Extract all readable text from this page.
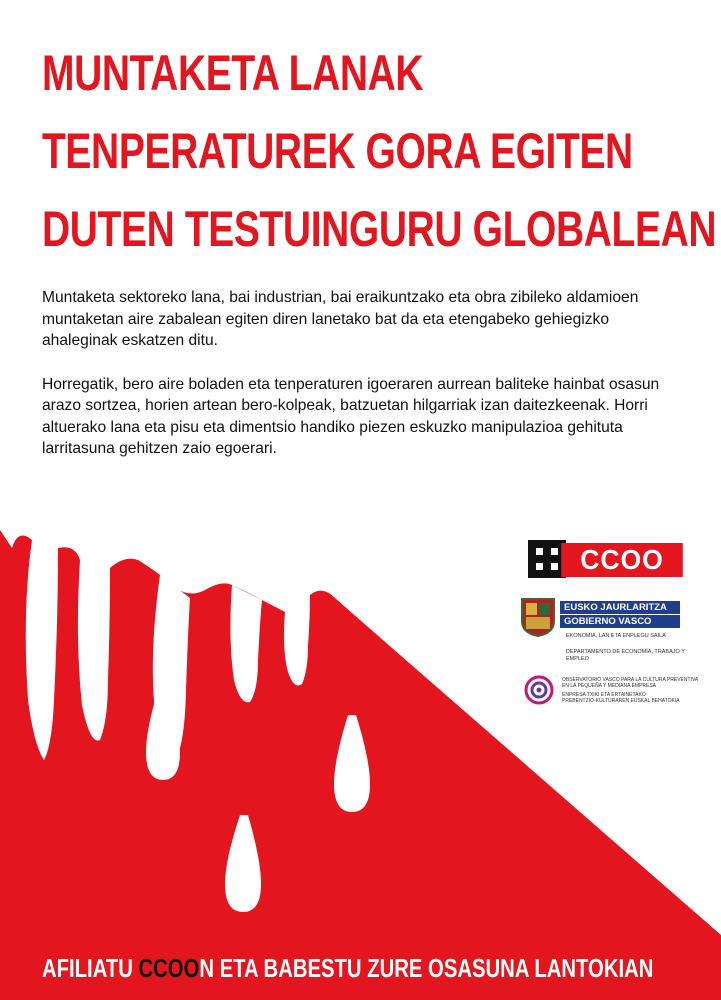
MUNTAKETA LANAK
TENPERATUREK GORA EGITEN
DUTEN TESTUINGURU GLOBALEAN

Muntaketa sektoreko lana, bai industrian, bai eraikuntzako eta obra zibileko aldamioen muntaketan aire zabalean egiten diren lanetako bat da eta etengabeko gehiegizko ahaleginak eskatzen ditu.

Horregatik, bero aire boladen eta tenperaturen igoeraren aurrean baliteke hainbat osasun arazo sortzea, horien artean bero-kolpeak, batzuetan hilgarriak izan daitezkeenak. Horri altuerako lana eta pisu eta dimentsio handiko piezen eskuzko manipulazioa gehituta larritasuna gehitzen zaio egoerari.

CCOO
EUSKO JAURLARITZA
GOBIERNO VASCO
EKONOMIA, LAN ETA ENPLEGU SAILA
DEPARTAMENTO DE ECONOMÍA, TRABAJO Y EMPLEO
OBSERVATORIO VASCO PARA LA CULTURA PREVENTIVA
EN LA PEQUEÑA Y MEDIANA EMPRESA
ENPRESA TXIKI ETA ERTAINETAKO
PREBENTZIO-KULTURAREN EUSKAL BEHATOKIA
AFILIATU CCOON ETA BABESTU ZURE OSASUNA LANTOKIAN
